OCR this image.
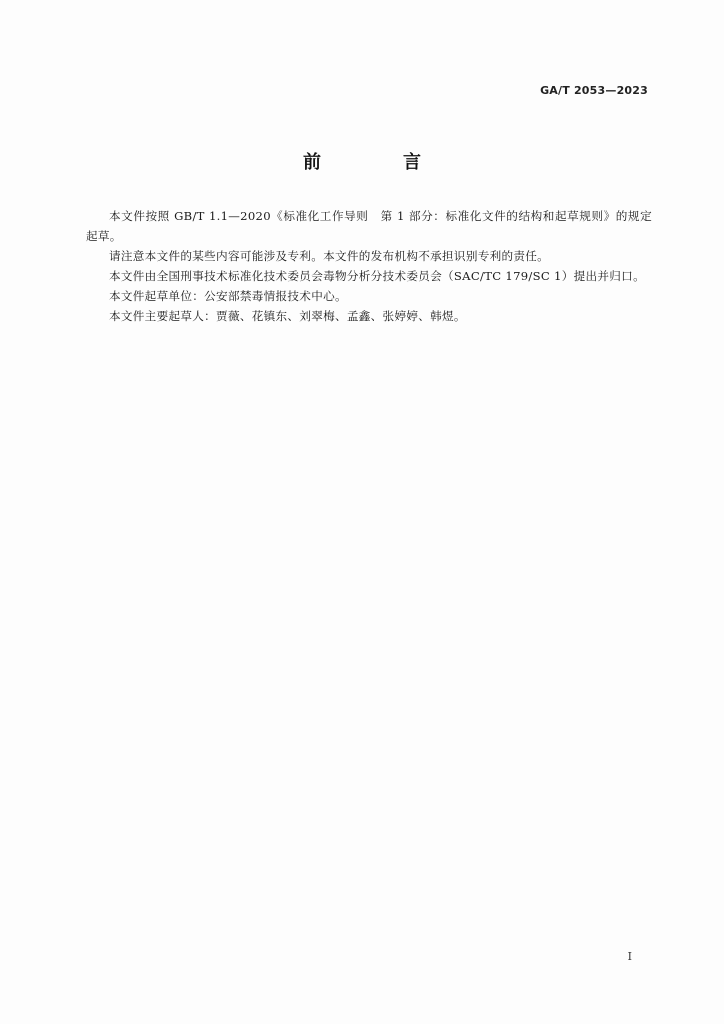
GA/T 2053—2023
前　言

本文件按照 GB/T 1.1—2020《标准化工作导则　第 1 部分：标准化文件的结构和起草规则》的规定起草。

请注意本文件的某些内容可能涉及专利。本文件的发布机构不承担识别专利的责任。

本文件由全国刑事技术标准化技术委员会毒物分析分技术委员会（SAC/TC 179/SC 1）提出并归口。

本文件起草单位：公安部禁毒情报技术中心。

本文件主要起草人：贾薇、花镇东、刘翠梅、孟鑫、张婷婷、韩煜。

I
